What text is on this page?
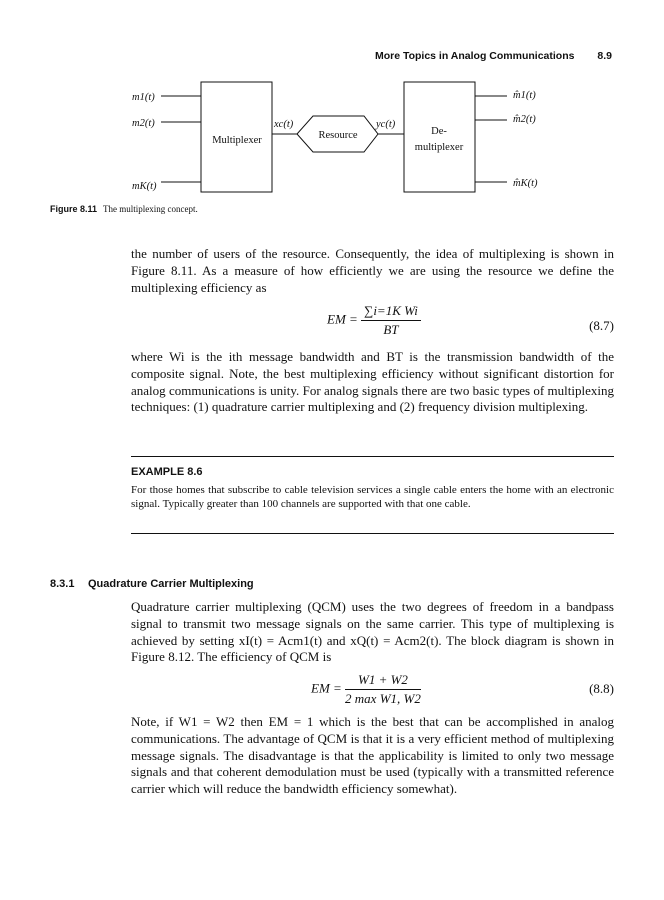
More Topics in Analog Communications 8.9
m1(t)
m2(t)
mK(t)
Multiplexer
xc(t)
Resource
yc(t)
De-
multiplexer
m̂1(t)
m̂2(t)
m̂K(t)
Figure 8.11 The multiplexing concept.

the number of users of the resource. Consequently, the idea of multiplexing is shown in Figure 8.11. As a measure of how efficiently we are using the resource we define the multiplexing efficiency as

EM = $\frac{\text{∑i=1K Wi}}{BT}$	(8.7)

where Wi is the ith message bandwidth and BT is the transmission bandwidth of the composite signal. Note, the best multiplexing efficiency without significant distortion for analog communications is unity. For analog signals there are two basic types of multiplexing techniques: (1) quadrature carrier multiplexing and (2) frequency division multiplexing.

EXAMPLE 8.6

For those homes that subscribe to cable television services a single cable enters the home with an electronic signal. Typically greater than 100 channels are supported with that one cable.

8.3.1 Quadrature Carrier Multiplexing

Quadrature carrier multiplexing (QCM) uses the two degrees of freedom in a bandpass signal to transmit two message signals on the same carrier. This type of multiplexing is achieved by setting xI(t) = Acm1(t) and xQ(t) = Acm2(t). The block diagram is shown in Figure 8.12. The efficiency of QCM is

EM = $\frac{W1 + W2}{\text{2 max W1, W2}}$	(8.8)

Note, if W1 = W2 then EM = 1 which is the best that can be accomplished in analog communications. The advantage of QCM is that it is a very efficient method of multiplexing message signals. The disadvantage is that the applicability is limited to only two message signals and that coherent demodulation must be used (typically with a transmitted reference carrier which will reduce the bandwidth efficiency somewhat).
